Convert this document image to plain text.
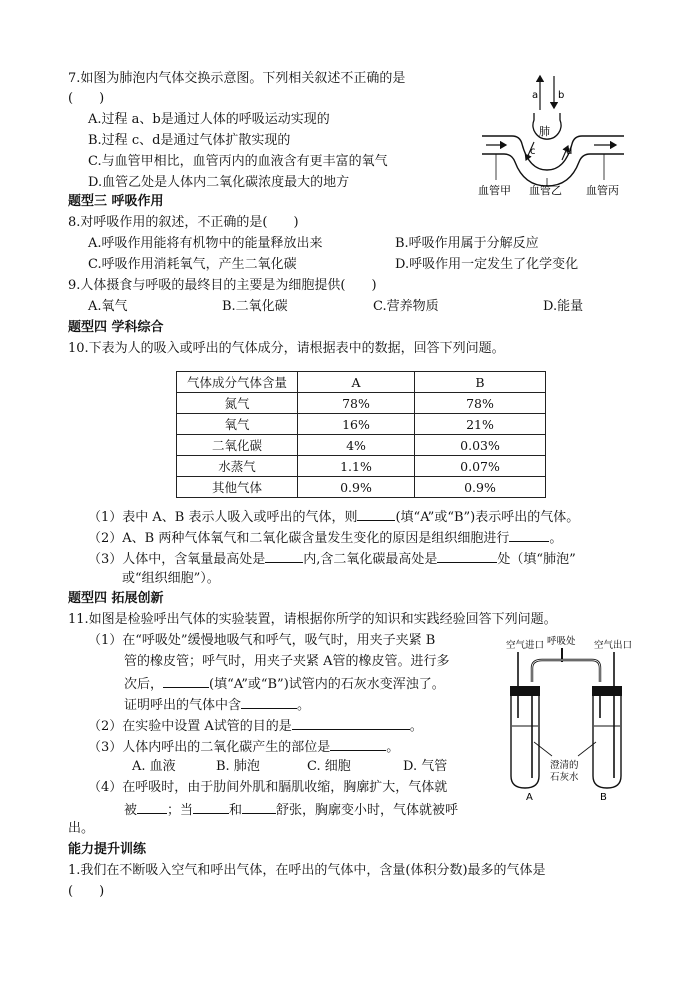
7.如图为肺泡内气体交换示意图。下列相关叙述不正确的是
(　　)
A.过程 a、b是通过人体的呼吸运动实现的
B.过程 c、d是通过气体扩散实现的
C.与血管甲相比，血管丙内的血液含有更丰富的氧气
D.血管乙处是人体内二氧化碳浓度最大的地方
a b
肺
c	d
血管甲 血管乙 血管丙
题型三 呼吸作用
8.对呼吸作用的叙述，不正确的是(　　)
A.呼吸作用能将有机物中的能量释放出来	B.呼吸作用属于分解反应
C.呼吸作用消耗氧气，产生二氧化碳	D.呼吸作用一定发生了化学变化
9.人体摄食与呼吸的最终目的主要是为细胞提供(　　)
A.氧气	B.二氧化碳	C.营养物质	D.能量
题型四 学科综合
10.下表为人的吸入或呼出的气体成分，请根据表中的数据，回答下列问题。
气体成分气体含量	A	B
氮气	78%	78%
氧气	16%	21%
二氧化碳	4%	0.03%
水蒸气	1.1%	0.07%
其他气体	0.9%	0.9%
（1）表中 A、B 表示人吸入或呼出的气体，则	(填“A”或“B”)表示呼出的气体。
（2）A、B 两种气体氧气和二氧化碳含量发生变化的原因是组织细胞进行	。
（3）人体中，含氧量最高处是	内,含二氧化碳最高处是	处（填“肺泡”
或“组织细胞”）。
题型四 拓展创新
11.如图是检验呼出气体的实验装置，请根据你所学的知识和实践经验回答下列问题。
（1）在“呼吸处”缓慢地吸气和呼气，吸气时，用夹子夹紧 B
管的橡皮管；呼气时，用夹子夹紧 A管的橡皮管。进行多
次后，	(填“A”或“B”)试管内的石灰水变浑浊了。
证明呼出的气体中含	。
（2）在实验中设置 A试管的目的是	。
（3）人体内呼出的二氧化碳产生的部位是	。
A. 血液	B. 肺泡	C. 细胞	D. 气管
（4）在呼吸时，由于肋间外肌和膈肌收缩，胸廓扩大，气体就
被 ；当	和	舒张，胸廓变小时，气体就被呼
出。
空气进口 呼吸处 空气出口
澄清的
石灰水
A	B
能力提升训练
1.我们在不断吸入空气和呼出气体，在呼出的气体中，含量(体积分数)最多的气体是
(　　)
